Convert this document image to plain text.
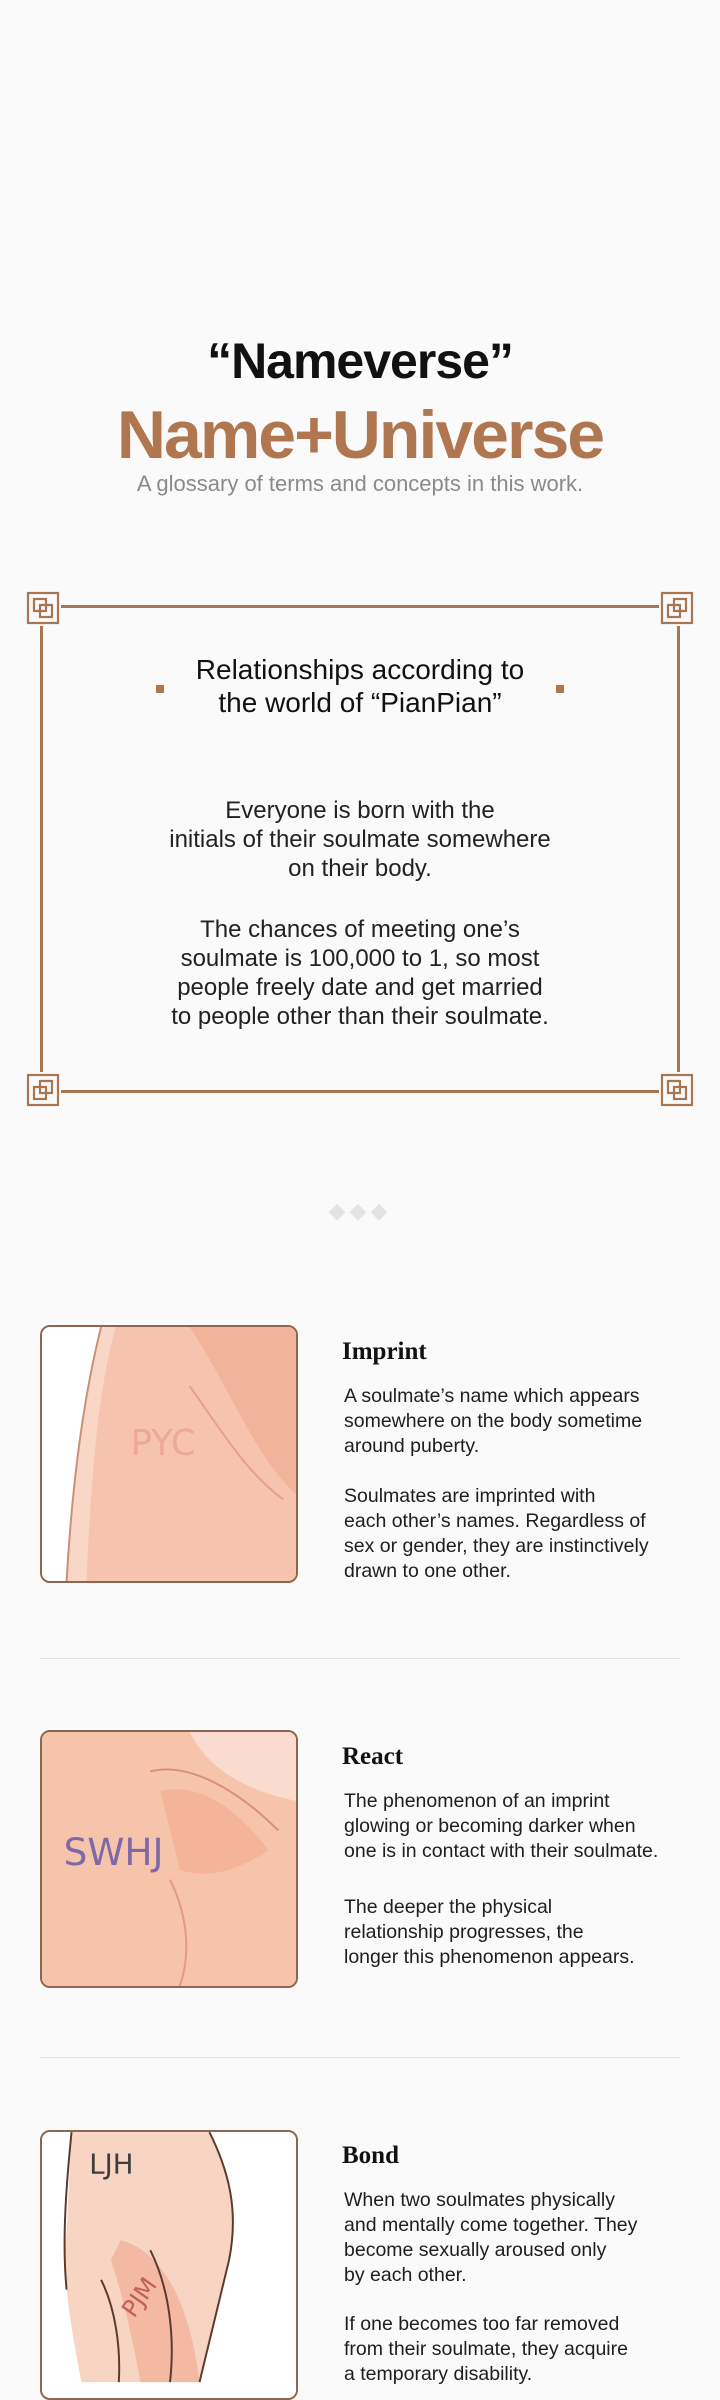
“Nameverse”
Name+Universe
A glossary of terms and concepts in this work.
Relationships according to
the world of “PianPian”
Everyone is born with the
initials of their soulmate somewhere
on their body.
The chances of meeting one’s
soulmate is 100,000 to 1, so most
people freely date and get married
to people other than their soulmate.
◆◆◆
PYC
Imprint
A soulmate’s name which appears
somewhere on the body sometime
around puberty.
Soulmates are imprinted with
each other’s names. Regardless of
sex or gender, they are instinctively
drawn to one other.
SWHJ
React
The phenomenon of an imprint
glowing or becoming darker when
one is in contact with their soulmate.
The deeper the physical
relationship progresses, the
longer this phenomenon appears.
LJH
PJM
Bond
When two soulmates physically
and mentally come together. They
become sexually aroused only
by each other.
If one becomes too far removed
from their soulmate, they acquire
a temporary disability.
